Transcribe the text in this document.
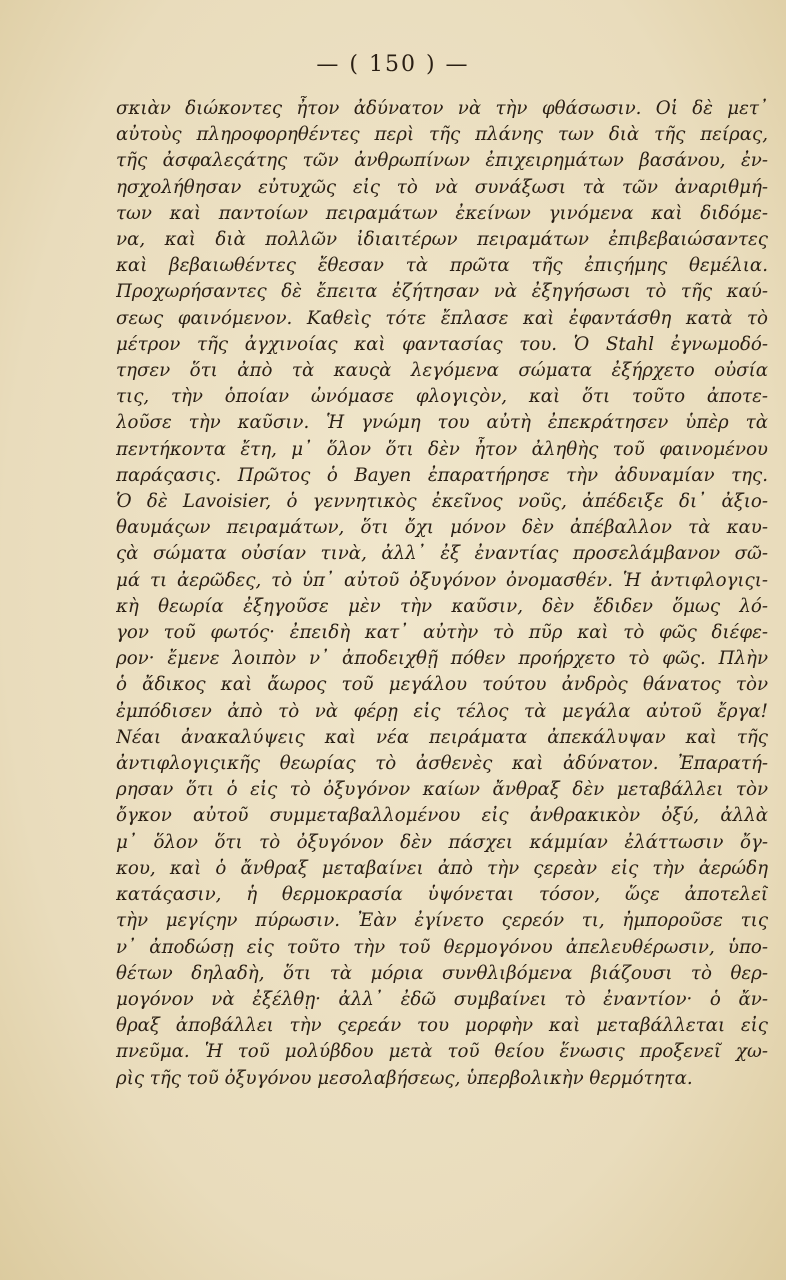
— ( 150 ) —
σκιὰν διώκοντες ἦτον ἀδύνατον νὰ τὴν φθάσωσιν. Οἱ δὲ μετ᾽
αὐτοὺς πληροφορηθέντες περὶ τῆς πλάνης των διὰ τῆς πείρας,
τῆς ἀσφαλεςάτης τῶν ἀνθρωπίνων ἐπιχειρημάτων βασάνου, ἐν-
ησχολήθησαν εὐτυχῶς εἰς τὸ νὰ συνάξωσι τὰ τῶν ἀναριθμή-
των καὶ παντοίων πειραμάτων ἐκείνων γινόμενα καὶ διδόμε-
να, καὶ διὰ πολλῶν ἰδιαιτέρων πειραμάτων ἐπιβεβαιώσαντες
καὶ βεβαιωθέντες ἔθεσαν τὰ πρῶτα τῆς ἐπιςήμης θεμέλια.
Προχωρήσαντες δὲ ἔπειτα ἐζήτησαν νὰ ἐξηγήσωσι τὸ τῆς καύ-
σεως φαινόμενον. Καθεὶς τότε ἔπλασε καὶ ἐφαντάσθη κατὰ τὸ
μέτρον τῆς ἀγχινοίας καὶ φαντασίας του. Ὁ Stahl ἐγνωμοδό-
τησεν ὅτι ἀπὸ τὰ καυςὰ λεγόμενα σώματα ἐξήρχετο οὐσία
τις, τὴν ὁποίαν ὠνόμασε φλογιςὸν, καὶ ὅτι τοῦτο ἀποτε-
λοῦσε τὴν καῦσιν. Ἡ γνώμη του αὐτὴ ἐπεκράτησεν ὑπὲρ τὰ
πεντήκοντα ἔτη, μ᾽ ὅλον ὅτι δὲν ἦτον ἀληθὴς τοῦ φαινομένου
παράςασις. Πρῶτος ὁ Bayen ἐπαρατήρησε τὴν ἀδυναμίαν της.
Ὁ δὲ Lavoisier, ὁ γεννητικὸς ἐκεῖνος νοῦς, ἀπέδειξε δι᾽ ἀξιο-
θαυμάςων πειραμάτων, ὅτι ὄχι μόνον δὲν ἀπέβαλλον τὰ καυ-
ςὰ σώματα οὐσίαν τινὰ, ἀλλ᾽ ἐξ ἐναντίας προσελάμβανον σῶ-
μά τι ἀερῶδες, τὸ ὑπ᾽ αὐτοῦ ὀξυγόνον ὀνομασθέν. Ἡ ἀντιφλογιςι-
κὴ θεωρία ἐξηγοῦσε μὲν τὴν καῦσιν, δὲν ἔδιδεν ὅμως λό-
γον τοῦ φωτός· ἐπειδὴ κατ᾽ αὐτὴν τὸ πῦρ καὶ τὸ φῶς διέφε-
ρον· ἔμενε λοιπὸν ν᾽ ἀποδειχθῇ πόθεν προήρχετο τὸ φῶς. Πλὴν
ὁ ἄδικος καὶ ἄωρος τοῦ μεγάλου τούτου ἀνδρὸς θάνατος τὸν
ἐμπόδισεν ἀπὸ τὸ νὰ φέρῃ εἰς τέλος τὰ μεγάλα αὐτοῦ ἔργα!
Νέαι ἀνακαλύψεις καὶ νέα πειράματα ἀπεκάλυψαν καὶ τῆς
ἀντιφλογιςικῆς θεωρίας τὸ ἀσθενὲς καὶ ἀδύνατον. Ἐπαρατή-
ρησαν ὅτι ὁ εἰς τὸ ὀξυγόνον καίων ἄνθραξ δὲν μεταβάλλει τὸν
ὄγκον αὐτοῦ συμμεταβαλλομένου εἰς ἀνθρακικὸν ὀξύ, ἀλλὰ
μ᾽ ὅλον ὅτι τὸ ὀξυγόνον δὲν πάσχει κάμμίαν ἐλάττωσιν ὄγ-
κου, καὶ ὁ ἄνθραξ μεταβαίνει ἀπὸ τὴν ςερεὰν εἰς τὴν ἀερώδη
κατάςασιν, ἡ θερμοκρασία ὑψόνεται τόσον, ὥςε ἀποτελεῖ
τὴν μεγίςην πύρωσιν. Ἐὰν ἐγίνετο ςερεόν τι, ἠμποροῦσε τις
ν᾽ ἀποδώσῃ εἰς τοῦτο τὴν τοῦ θερμογόνου ἀπελευθέρωσιν, ὑπο-
θέτων δηλαδὴ, ὅτι τὰ μόρια συνθλιβόμενα βιάζουσι τὸ θερ-
μογόνον νὰ ἐξέλθῃ· ἀλλ᾽ ἐδῶ συμβαίνει τὸ ἐναντίον· ὁ ἄν-
θραξ ἀποβάλλει τὴν ςερεάν του μορφὴν καὶ μεταβάλλεται εἰς
πνεῦμα. Ἡ τοῦ μολύβδου μετὰ τοῦ θείου ἕνωσις προξενεῖ χω-
ρὶς τῆς τοῦ ὀξυγόνου μεσολαβήσεως, ὑπερβολικὴν θερμότητα.
